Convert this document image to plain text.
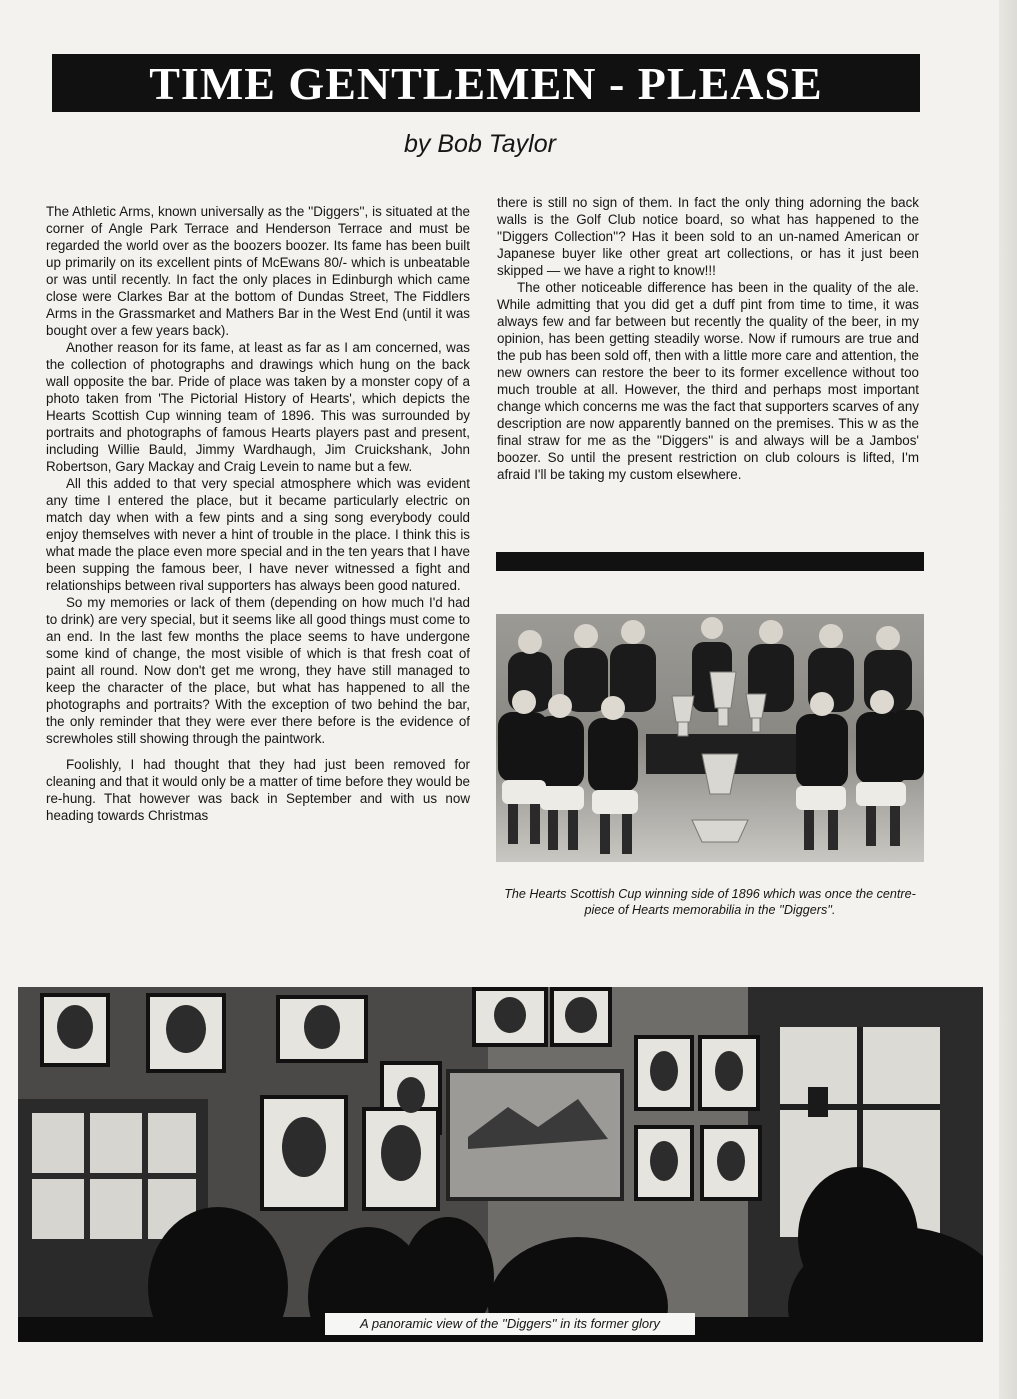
TIME GENTLEMEN - PLEASE
by Bob Taylor

The Athletic Arms, known universally as the ''Diggers'', is situated at the corner of Angle Park Terrace and Henderson Terrace and must be regarded the world over as the boozers boozer. Its fame has been built up primarily on its excellent pints of McEwans 80/- which is unbeatable or was until recently. In fact the only places in Edinburgh which came close were Clarkes Bar at the bottom of Dundas Street, The Fiddlers Arms in the Grassmarket and Mathers Bar in the West End (until it was bought over a few years back).

Another reason for its fame, at least as far as I am concerned, was the collection of photographs and drawings which hung on the back wall opposite the bar. Pride of place was taken by a monster copy of a photo taken from 'The Pictorial History of Hearts', which depicts the Hearts Scottish Cup winning team of 1896. This was surrounded by portraits and photographs of famous Hearts players past and present, including Willie Bauld, Jimmy Wardhaugh, Jim Cruickshank, John Robertson, Gary Mackay and Craig Levein to name but a few.

All this added to that very special atmosphere which was evident any time I entered the place, but it became particularly electric on match day when with a few pints and a sing song everybody could enjoy themselves with never a hint of trouble in the place. I think this is what made the place even more special and in the ten years that I have been supping the famous beer, I have never witnessed a fight and relationships between rival supporters has always been good natured.

So my memories or lack of them (depending on how much I'd had to drink) are very special, but it seems like all good things must come to an end. In the last few months the place seems to have undergone some kind of change, the most visible of which is that fresh coat of paint all round. Now don't get me wrong, they have still managed to keep the character of the place, but what has happened to all the photographs and portraits? With the exception of two behind the bar, the only reminder that they were ever there before is the evidence of screwholes still showing through the paintwork.

Foolishly, I had thought that they had just been removed for cleaning and that it would only be a matter of time before they would be re-hung. That however was back in September and with us now heading towards Christmas

there is still no sign of them. In fact the only thing adorning the back walls is the Golf Club notice board, so what has happened to the ''Diggers Collection''? Has it been sold to an un-named American or Japanese buyer like other great art collections, or has it just been skipped — we have a right to know!!!

The other noticeable difference has been in the quality of the ale. While admitting that you did get a duff pint from time to time, it was always few and far between but recently the quality of the beer, in my opinion, has been getting steadily worse. Now if rumours are true and the pub has been sold off, then with a little more care and attention, the new owners can restore the beer to its former excellence without too much trouble at all. However, the third and perhaps most important change which concerns me was the fact that supporters scarves of any description are now apparently banned on the premises. This w as the final straw for me as the ''Diggers'' is and always will be a Jambos' boozer. So until the present restriction on club colours is lifted, I'm afraid I'll be taking my custom elsewhere.

The Hearts Scottish Cup winning side of 1896 which was once the centre-piece of Hearts memorabilia in the ''Diggers''.
A panoramic view of the ''Diggers'' in its former glory
